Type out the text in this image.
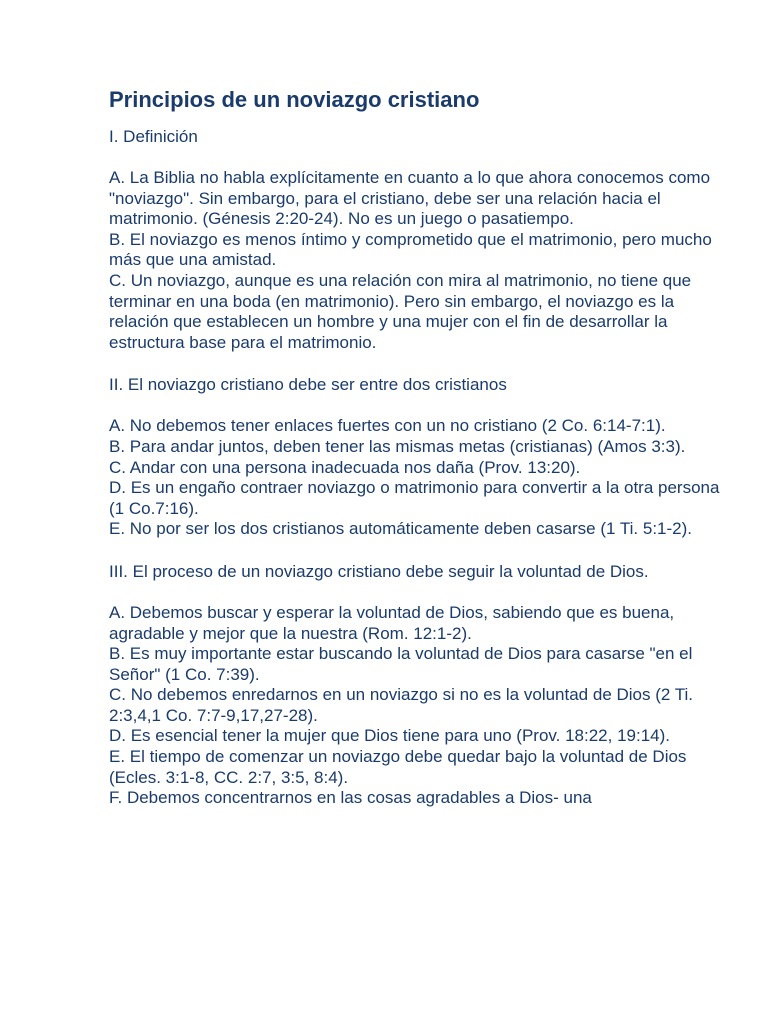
Principios de un noviazgo cristiano
I. Definición

A. La Biblia no habla explícitamente en cuanto a lo que ahora conocemos como "noviazgo". Sin embargo, para el cristiano, debe ser una relación hacia el matrimonio. (Génesis 2:20-24). No es un juego o pasatiempo.

B. El noviazgo es menos íntimo y comprometido que el matrimonio, pero mucho más que una amistad.

C. Un noviazgo, aunque es una relación con mira al matrimonio, no tiene que terminar en una boda (en matrimonio). Pero sin embargo, el noviazgo es la relación que establecen un hombre y una mujer con el fin de desarrollar la estructura base para el matrimonio.

II. El noviazgo cristiano debe ser entre dos cristianos

A. No debemos tener enlaces fuertes con un no cristiano (2 Co. 6:14-7:1).

B. Para andar juntos, deben tener las mismas metas (cristianas) (Amos 3:3).

C. Andar con una persona inadecuada nos daña (Prov. 13:20).

D. Es un engaño contraer noviazgo o matrimonio para convertir a la otra persona (1 Co.7:16).

E. No por ser los dos cristianos automáticamente deben casarse (1 Ti. 5:1-2).

III. El proceso de un noviazgo cristiano debe seguir la voluntad de Dios.

A. Debemos buscar y esperar la voluntad de Dios, sabiendo que es buena, agradable y mejor que la nuestra (Rom. 12:1-2).

B. Es muy importante estar buscando la voluntad de Dios para casarse "en el Señor" (1 Co. 7:39).

C. No debemos enredarnos en un noviazgo si no es la voluntad de Dios (2 Ti. 2:3,4,1 Co. 7:7-9,17,27-28).

D. Es esencial tener la mujer que Dios tiene para uno (Prov. 18:22, 19:14).

E. El tiempo de comenzar un noviazgo debe quedar bajo la voluntad de Dios (Ecles. 3:1-8, CC. 2:7, 3:5, 8:4).

F. Debemos concentrarnos en las cosas agradables a Dios- una
